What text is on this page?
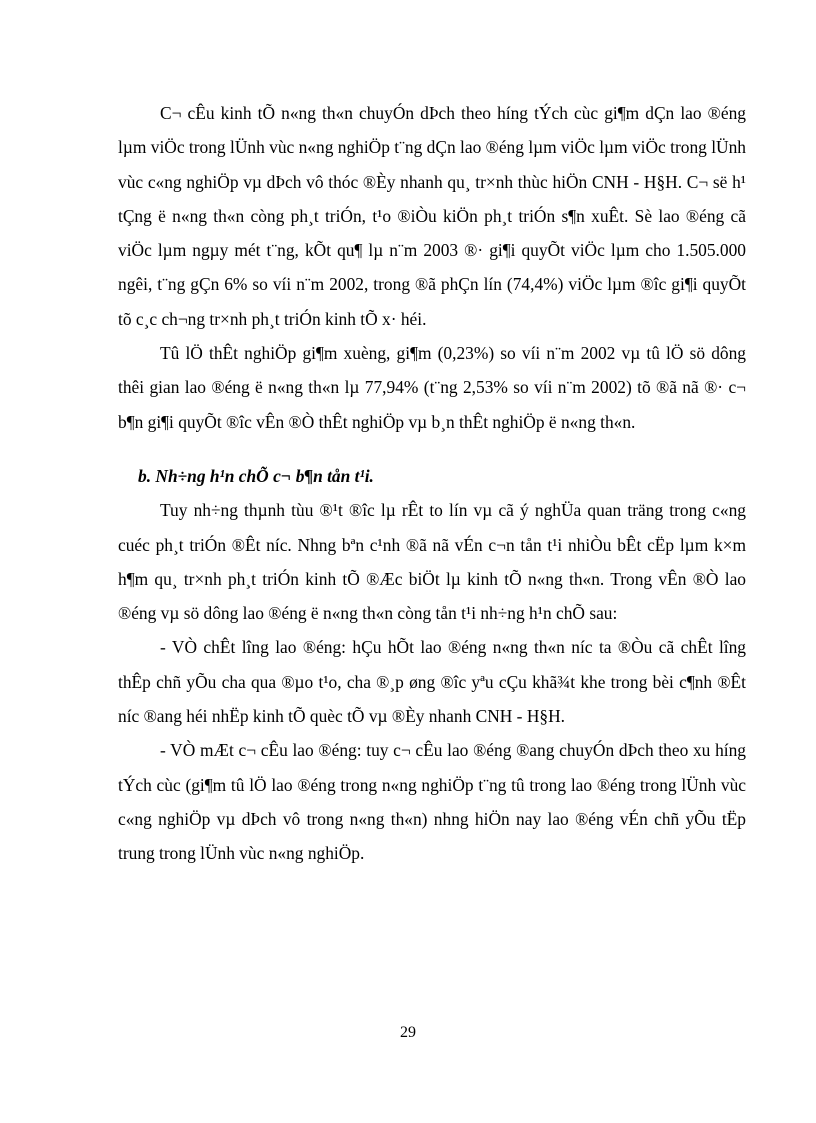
C¬ cÊu kinh tÕ n«ng th«n chuyÓn dÞch theo híng tÝch cùc gi¶m dÇn lao ®éng lµm viÖc trong lÜnh vùc n«ng nghiÖp t¨ng dÇn lao ®éng lµm viÖc lµm viÖc trong lÜnh vùc c«ng nghiÖp vµ dÞch vô thóc ®Èy nhanh qu¸ tr×nh thùc hiÖn CNH - H§H. C¬ së h¹ tÇng ë n«ng th«n còng ph¸t triÓn, t¹o ®iÒu kiÖn ph¸t triÓn s¶n xuÊt. Sè lao ®éng cã viÖc lµm ngµy mét t¨ng, kÕt qu¶ lµ n¨m 2003 ®· gi¶i quyÕt viÖc lµm cho 1.505.000 ngêi, t¨ng gÇn 6% so víi n¨m 2002, trong ®ã phÇn lín (74,4%) viÖc lµm ®îc gi¶i quyÕt tõ c¸c ch¬ng tr×nh ph¸t triÓn kinh tÕ x· héi.

Tû lÖ thÊt nghiÖp gi¶m xuèng, gi¶m (0,23%) so víi n¨m 2002 vµ tû lÖ sö dông thêi gian lao ®éng ë n«ng th«n lµ 77,94% (t¨ng 2,53% so víi n¨m 2002) tõ ®ã nã ®· c¬ b¶n gi¶i quyÕt ®îc vÊn ®Ò thÊt nghiÖp vµ b¸n thÊt nghiÖp ë n«ng th«n.

b. Nh÷ng h¹n chÕ c¬ b¶n tån t¹i.

Tuy nh÷ng thµnh tùu ®¹t ®îc lµ rÊt to lín vµ cã ý nghÜa quan träng trong c«ng cuéc ph¸t triÓn ®Êt níc. Nhng bªn c¹nh ®ã nã vÉn c¬n tån t¹i nhiÒu bÊt cËp lµm k×m h¶m qu¸ tr×nh ph¸t triÓn kinh tÕ ®Æc biÖt lµ kinh tÕ n«ng th«n. Trong vÊn ®Ò lao ®éng vµ sö dông lao ®éng ë n«ng th«n còng tån t¹i nh÷ng h¹n chÕ sau:

- VÒ chÊt lîng lao ®éng: hÇu hÕt lao ®éng n«ng th«n níc ta ®Òu cã chÊt lîng thÊp chñ yÕu cha qua ®µo t¹o, cha ®¸p øng ®îc yªu cÇu khã¾t khe trong bèi c¶nh ®Êt níc ®ang héi nhËp kinh tÕ quèc tÕ vµ ®Èy nhanh CNH - H§H.

- VÒ mÆt c¬ cÊu lao ®éng: tuy c¬ cÊu lao ®éng ®ang chuyÓn dÞch theo xu híng tÝch cùc (gi¶m tû lÖ lao ®éng trong n«ng nghiÖp t¨ng tû trong lao ®éng trong lÜnh vùc c«ng nghiÖp vµ dÞch vô trong n«ng th«n) nhng hiÖn nay lao ®éng vÉn chñ yÕu tËp trung trong lÜnh vùc n«ng nghiÖp.

29
